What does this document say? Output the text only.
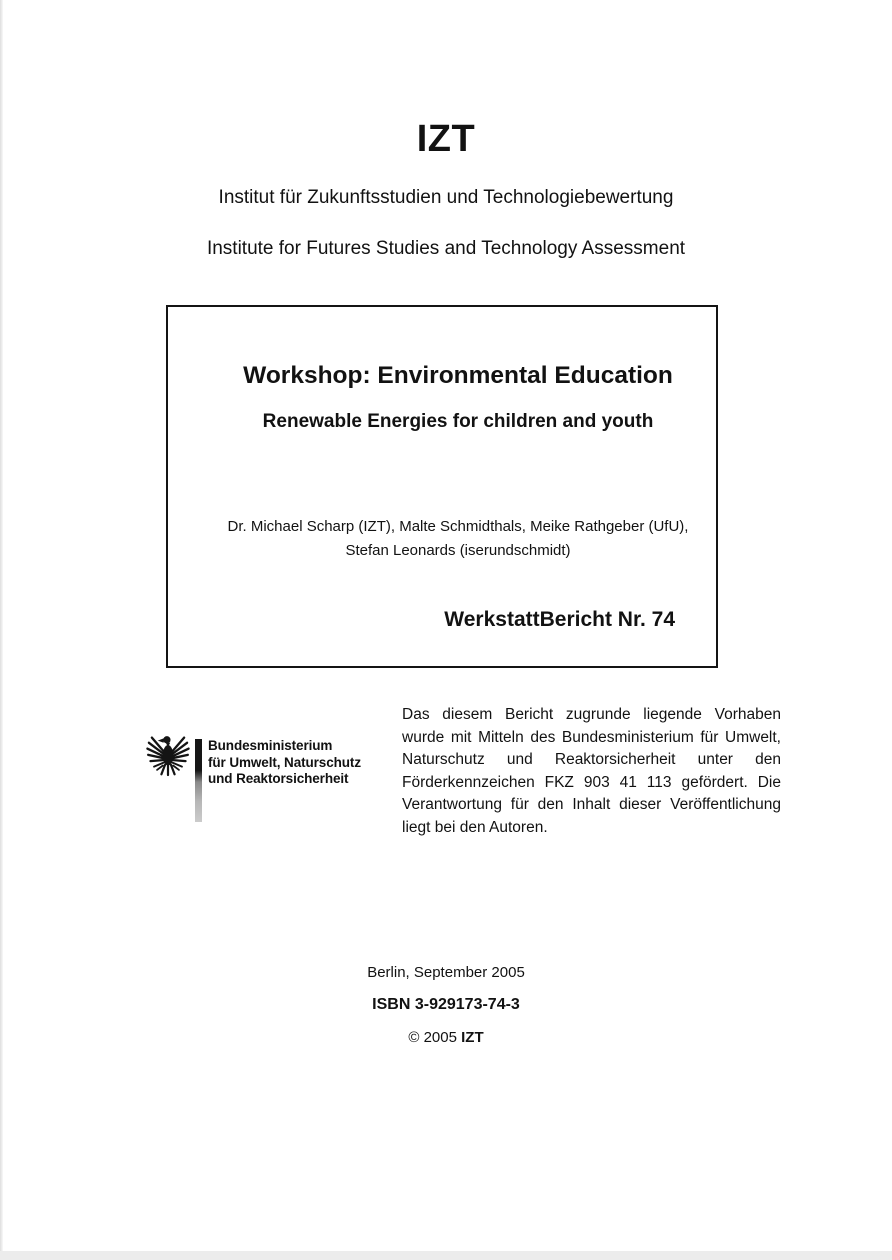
IZT
Institut für Zukunftsstudien und Technologiebewertung
Institute for Futures Studies and Technology Assessment
Workshop: Environmental Education
Renewable Energies for children and youth
Dr. Michael Scharp (IZT), Malte Schmidthals, Meike Rathgeber (UfU),
Stefan Leonards (iserundschmidt)
WerkstattBericht Nr. 74
Bundesministerium
für Umwelt, Naturschutz
und Reaktorsicherheit
Das diesem Bericht zugrunde liegende Vorhaben wurde mit Mitteln des Bundesministerium für Umwelt, Naturschutz und Reaktorsicherheit unter den Förderkennzeichen FKZ 903 41 113 gefördert. Die Verantwortung für den Inhalt dieser Veröffentlichung liegt bei den Autoren.
Berlin, September 2005
ISBN 3-929173-74-3
© 2005 IZT
